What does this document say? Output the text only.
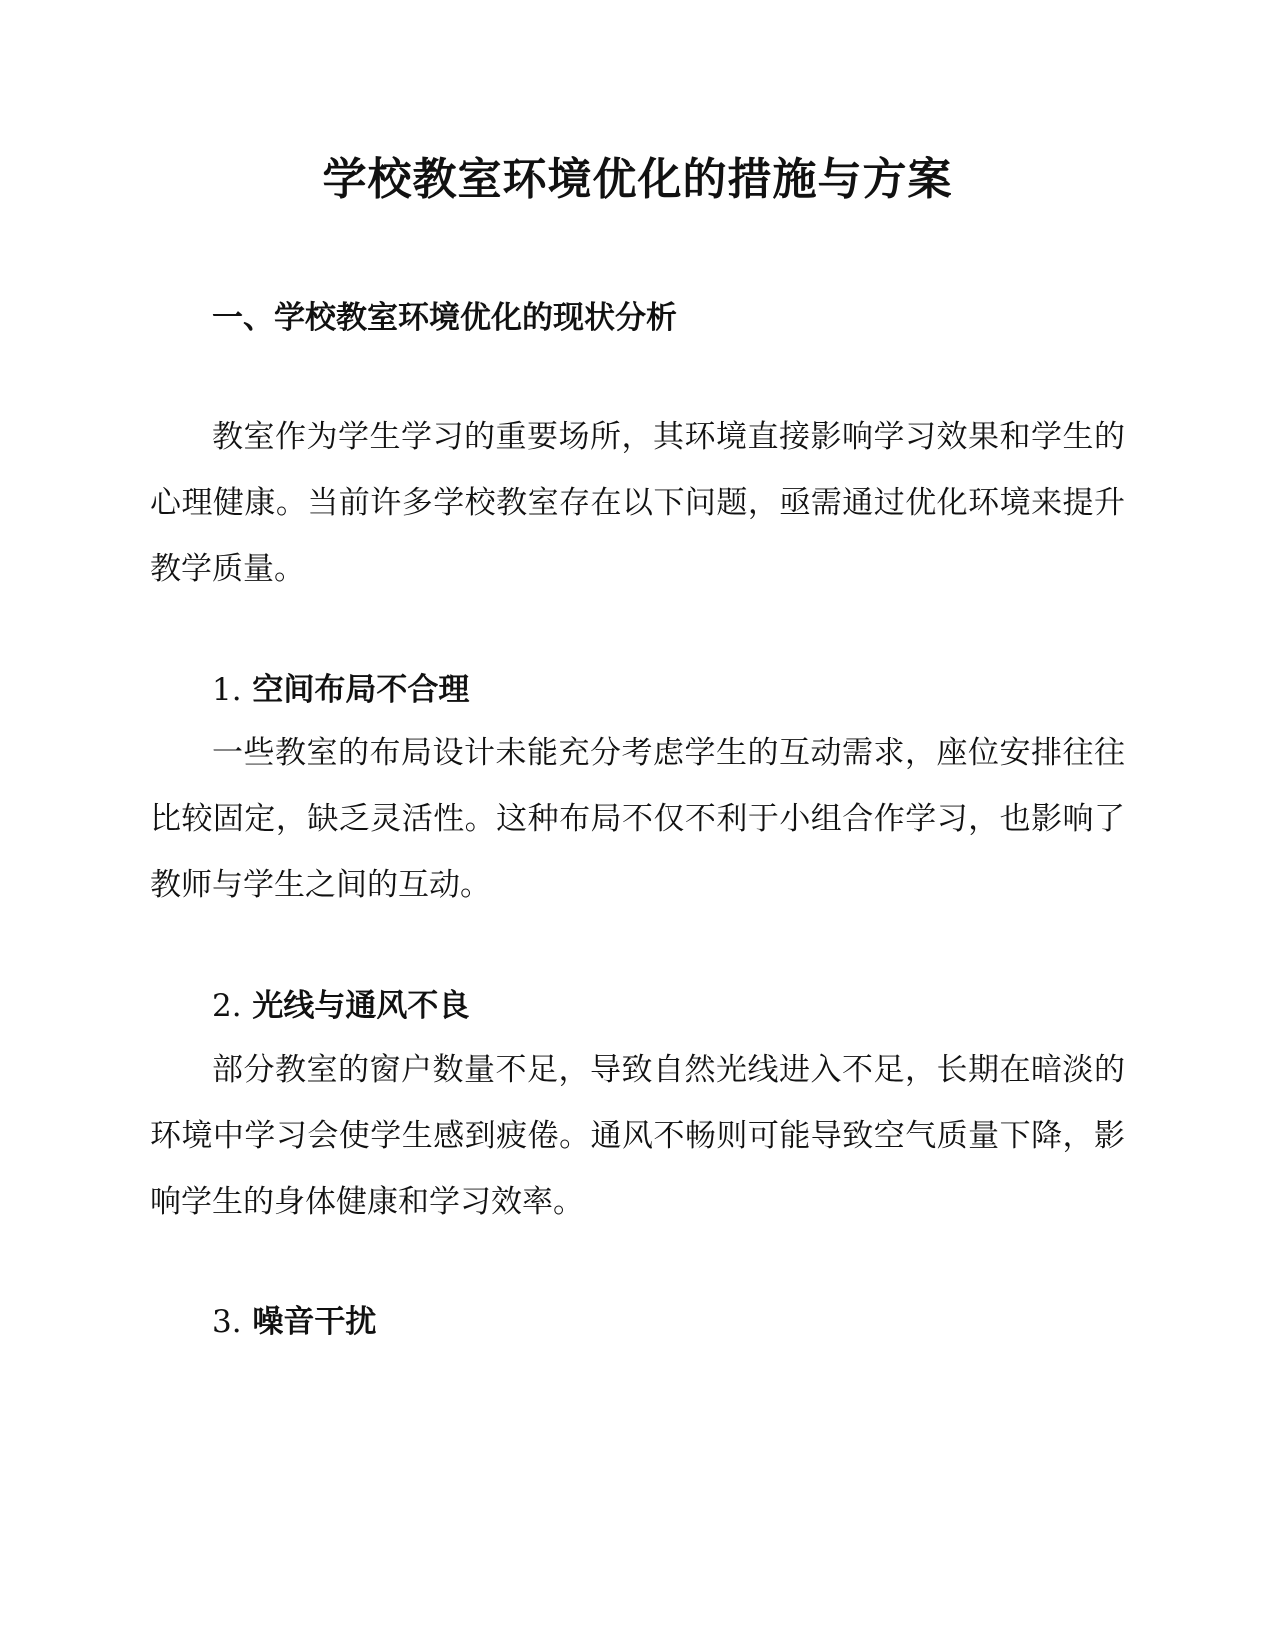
学校教室环境优化的措施与方案
一、学校教室环境优化的现状分析

教室作为学生学习的重要场所，其环境直接影响学习效果和学生的心理健康。当前许多学校教室存在以下问题，亟需通过优化环境来提升教学质量。

1. 空间布局不合理

一些教室的布局设计未能充分考虑学生的互动需求，座位安排往往比较固定，缺乏灵活性。这种布局不仅不利于小组合作学习，也影响了教师与学生之间的互动。

2. 光线与通风不良

部分教室的窗户数量不足，导致自然光线进入不足，长期在暗淡的环境中学习会使学生感到疲倦。通风不畅则可能导致空气质量下降，影响学生的身体健康和学习效率。

3. 噪音干扰
